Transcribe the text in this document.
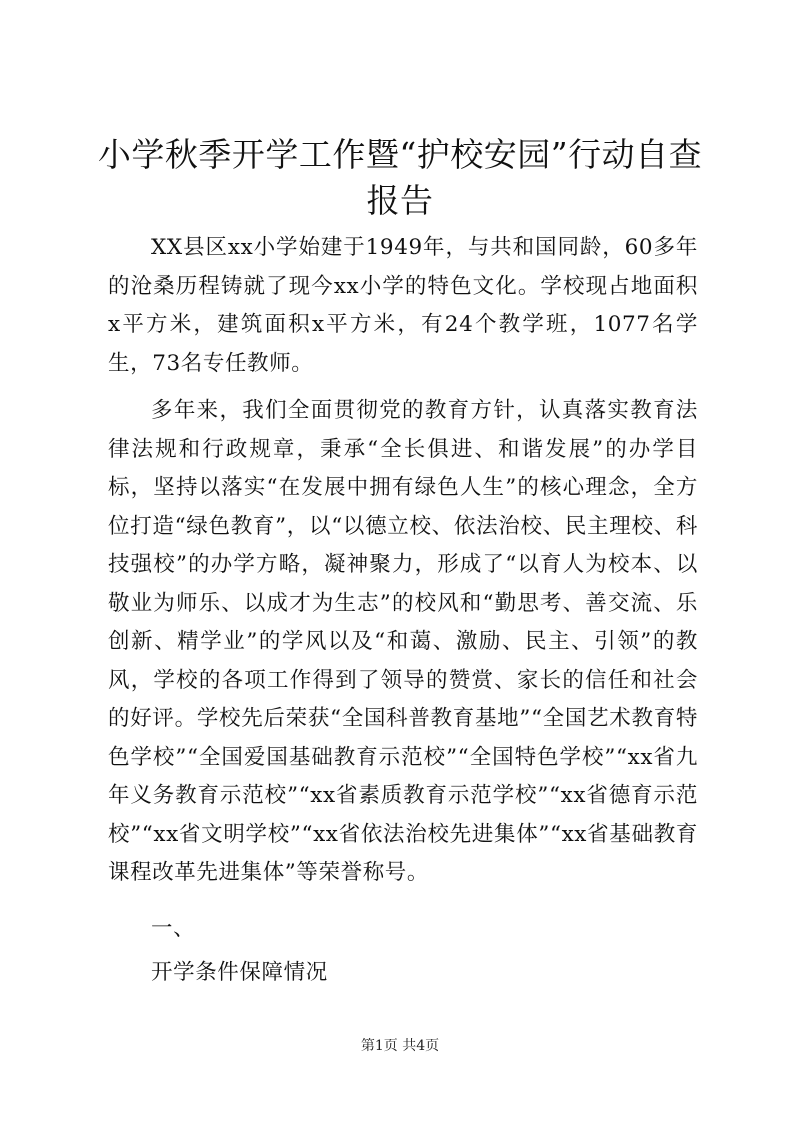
小学秋季开学工作暨“护校安园”行动自查报告

XX县区xx小学始建于1949年，与共和国同龄，60多年的沧桑历程铸就了现今xx小学的特色文化。学校现占地面积x平方米，建筑面积x平方米，有24个教学班，1077名学生，73名专任教师。

多年来，我们全面贯彻党的教育方针，认真落实教育法律法规和行政规章，秉承“全长俱进、和谐发展”的办学目标，坚持以落实“在发展中拥有绿色人生”的核心理念，全方位打造“绿色教育”，以“以德立校、依法治校、民主理校、科技强校”的办学方略，凝神聚力，形成了“以育人为校本、以敬业为师乐、以成才为生志”的校风和“勤思考、善交流、乐创新、精学业”的学风以及“和蔼、激励、民主、引领”的教风，学校的各项工作得到了领导的赞赏、家长的信任和社会的好评。学校先后荣获“全国科普教育基地”“全国艺术教育特色学校”“全国爱国基础教育示范校”“全国特色学校”“xx省九年义务教育示范校”“xx省素质教育示范学校”“xx省德育示范校”“xx省文明学校”“xx省依法治校先进集体”“xx省基础教育课程改革先进集体”等荣誉称号。

一、

开学条件保障情况

第1页 共4页
